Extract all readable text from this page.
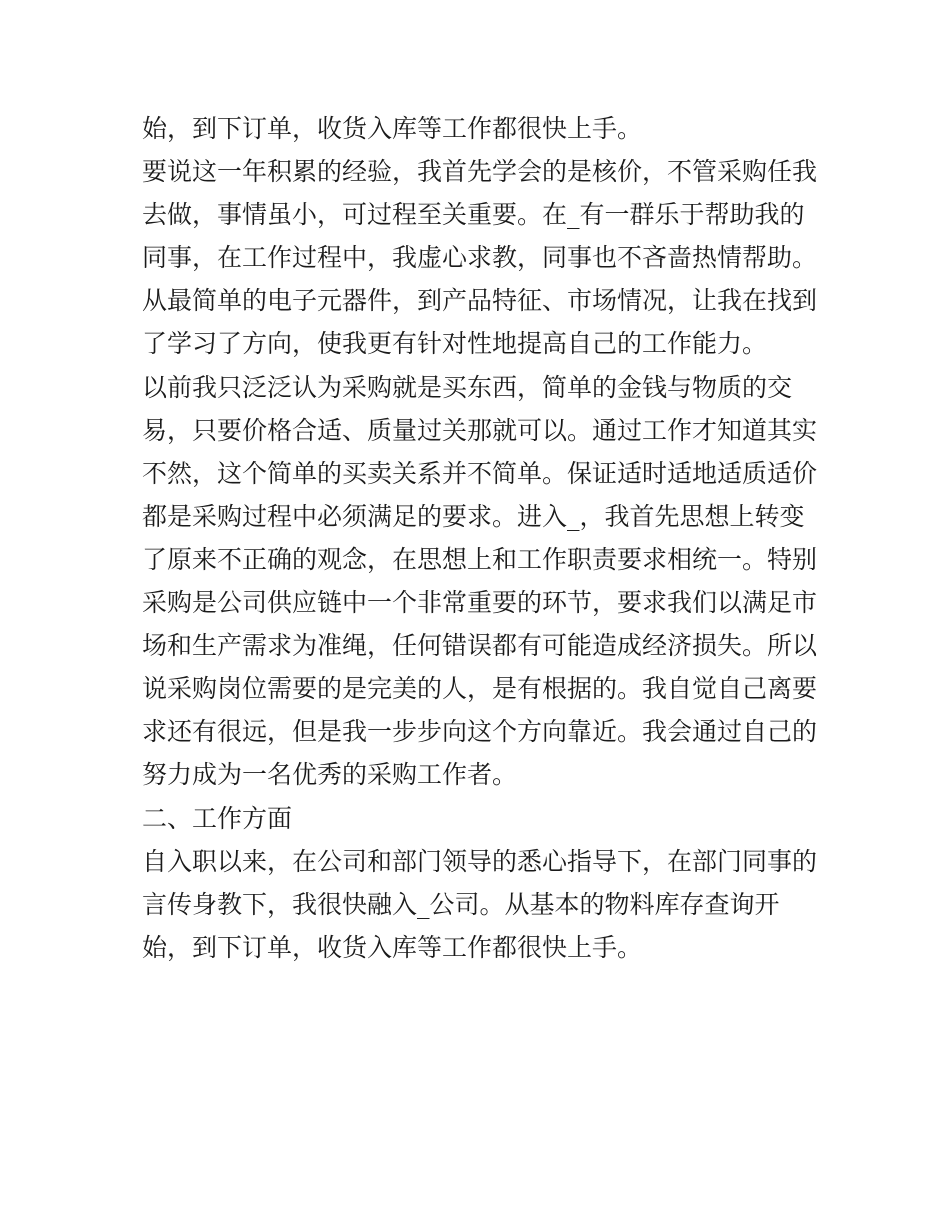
始，到下订单，收货入库等工作都很快上手。
要说这一年积累的经验，我首先学会的是核价，不管采购任我
去做，事情虽小，可过程至关重要。在_有一群乐于帮助我的
同事，在工作过程中，我虚心求教，同事也不吝啬热情帮助。
从最简单的电子元器件，到产品特征、市场情况，让我在找到
了学习了方向，使我更有针对性地提高自己的工作能力。
以前我只泛泛认为采购就是买东西，简单的金钱与物质的交
易，只要价格合适、质量过关那就可以。通过工作才知道其实
不然，这个简单的买卖关系并不简单。保证适时适地适质适价
都是采购过程中必须满足的要求。进入_，我首先思想上转变
了原来不正确的观念，在思想上和工作职责要求相统一。特别
采购是公司供应链中一个非常重要的环节，要求我们以满足市
场和生产需求为准绳，任何错误都有可能造成经济损失。所以
说采购岗位需要的是完美的人，是有根据的。我自觉自己离要
求还有很远，但是我一步步向这个方向靠近。我会通过自己的
努力成为一名优秀的采购工作者。
二、工作方面
自入职以来，在公司和部门领导的悉心指导下，在部门同事的
言传身教下，我很快融入_公司。从基本的物料库存查询开
始，到下订单，收货入库等工作都很快上手。
